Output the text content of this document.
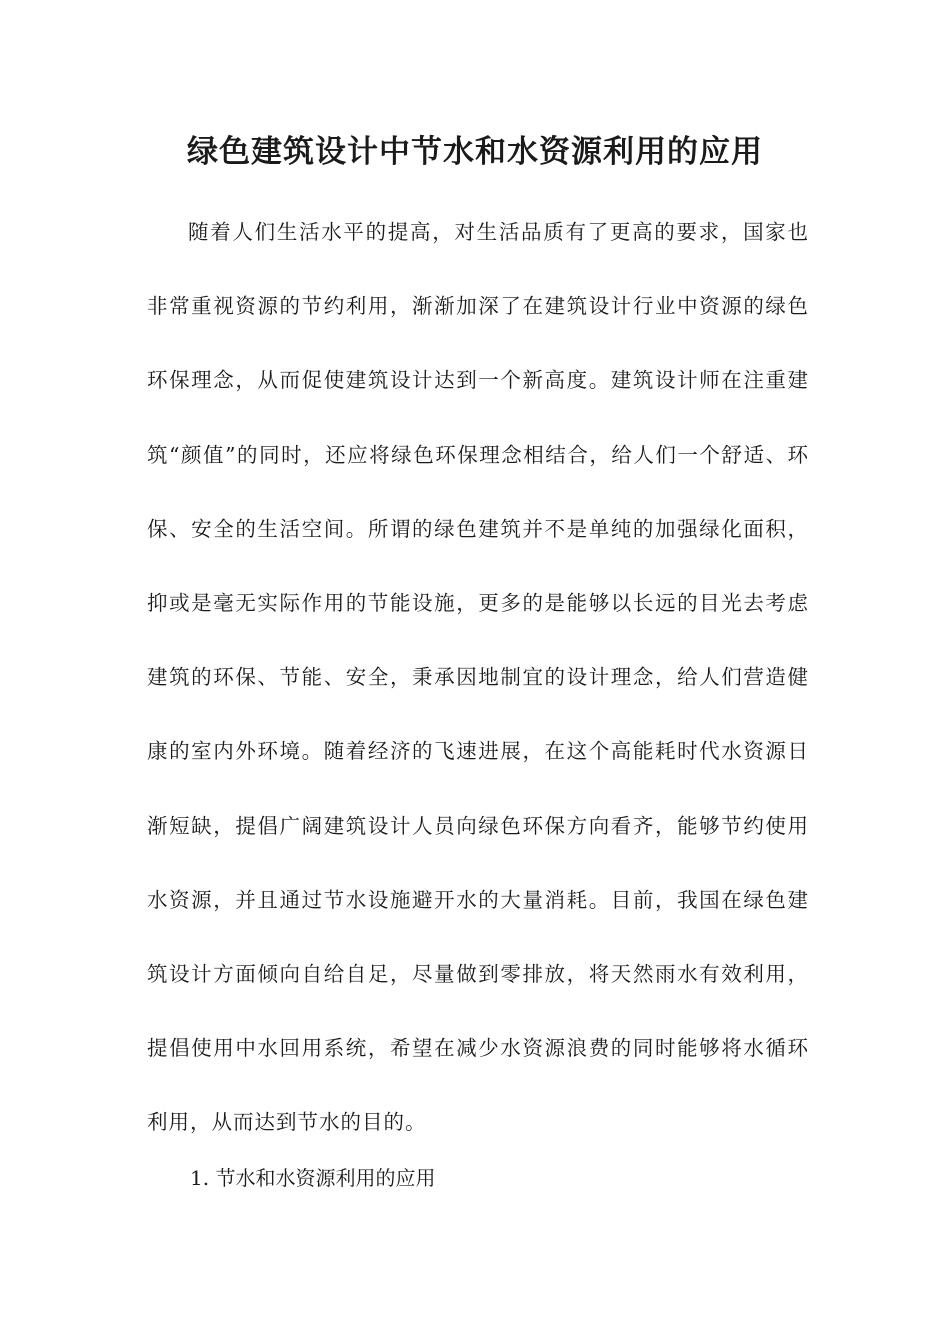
绿色建筑设计中节水和水资源利用的应用

随着人们生活水平的提高，对生活品质有了更高的要求，国家也非常重视资源的节约利用，渐渐加深了在建筑设计行业中资源的绿色环保理念，从而促使建筑设计达到一个新高度。建筑设计师在注重建筑“颜值”的同时，还应将绿色环保理念相结合，给人们一个舒适、环保、安全的生活空间。所谓的绿色建筑并不是单纯的加强绿化面积，抑或是毫无实际作用的节能设施，更多的是能够以长远的目光去考虑建筑的环保、节能、安全，秉承因地制宜的设计理念，给人们营造健康的室内外环境。随着经济的飞速进展，在这个高能耗时代水资源日渐短缺，提倡广阔建筑设计人员向绿色环保方向看齐，能够节约使用水资源，并且通过节水设施避开水的大量消耗。目前，我国在绿色建筑设计方面倾向自给自足，尽量做到零排放，将天然雨水有效利用，提倡使用中水回用系统，希望在减少水资源浪费的同时能够将水循环利用，从而达到节水的目的。

1. 节水和水资源利用的应用
